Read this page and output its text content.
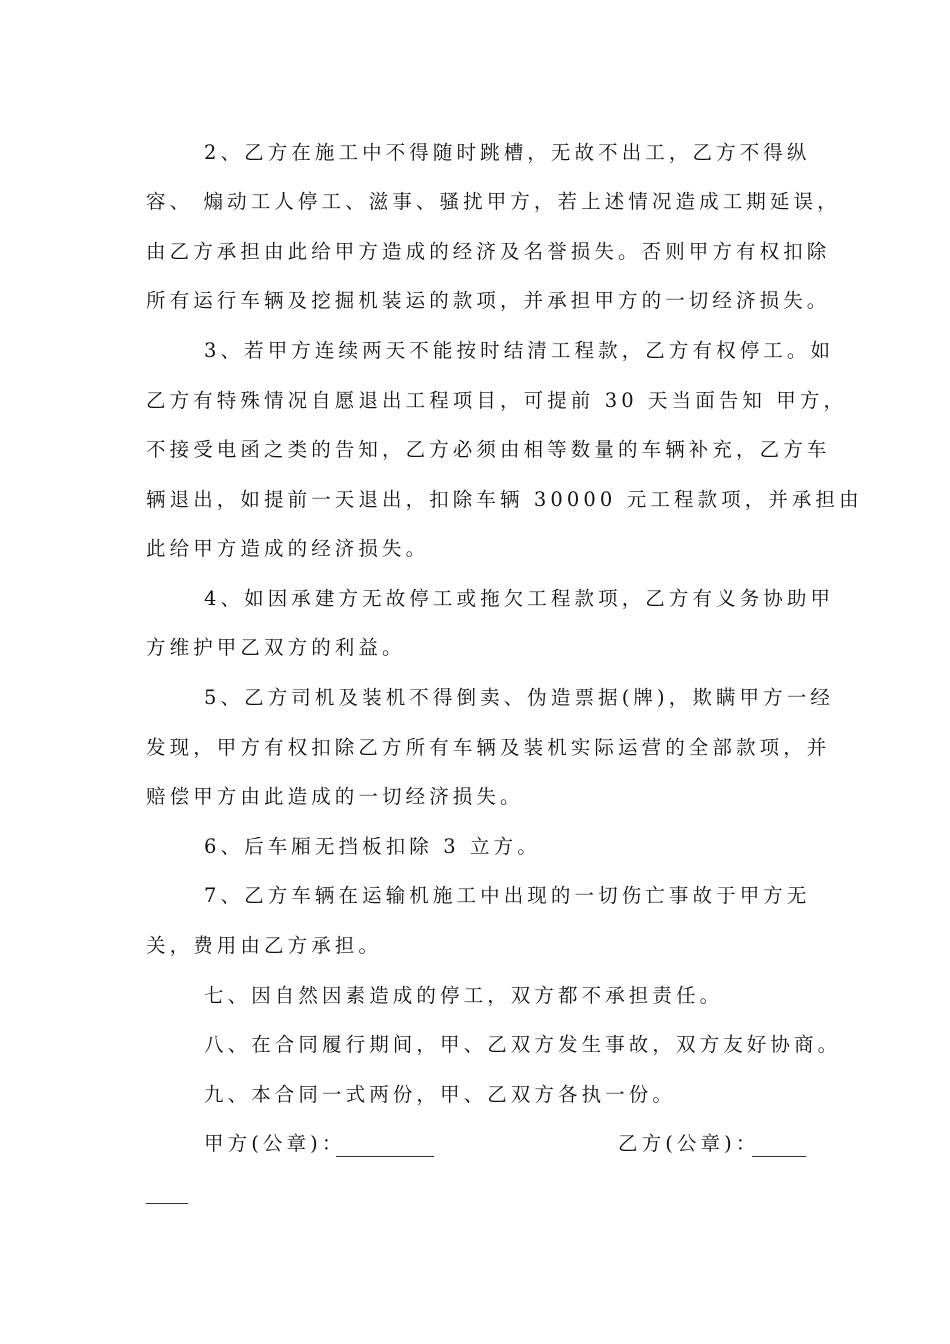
2、乙方在施工中不得随时跳槽，无故不出工，乙方不得纵
容、 煽动工人停工、滋事、骚扰甲方，若上述情况造成工期延误，
由乙方承担由此给甲方造成的经济及名誉损失。否则甲方有权扣除
所有运行车辆及挖掘机装运的款项，并承担甲方的一切经济损失。
3、若甲方连续两天不能按时结清工程款，乙方有权停工。如
乙方有特殊情况自愿退出工程项目，可提前 30 天当面告知 甲方，
不接受电函之类的告知，乙方必须由相等数量的车辆补充，乙方车
辆退出，如提前一天退出，扣除车辆 30000 元工程款项，并承担由
此给甲方造成的经济损失。
4、如因承建方无故停工或拖欠工程款项，乙方有义务协助甲
方维护甲乙双方的利益。
5、乙方司机及装机不得倒卖、伪造票据(牌)，欺瞒甲方一经
发现，甲方有权扣除乙方所有车辆及装机实际运营的全部款项，并
赔偿甲方由此造成的一切经济损失。
6、后车厢无挡板扣除 3 立方。
7、乙方车辆在运输机施工中出现的一切伤亡事故于甲方无
关，费用由乙方承担。
七、因自然因素造成的停工，双方都不承担责任。
八、在合同履行期间，甲、乙双方发生事故，双方友好协商。
九、本合同一式两份，甲、乙双方各执一份。
甲方(公章)：	乙方(公章)：
